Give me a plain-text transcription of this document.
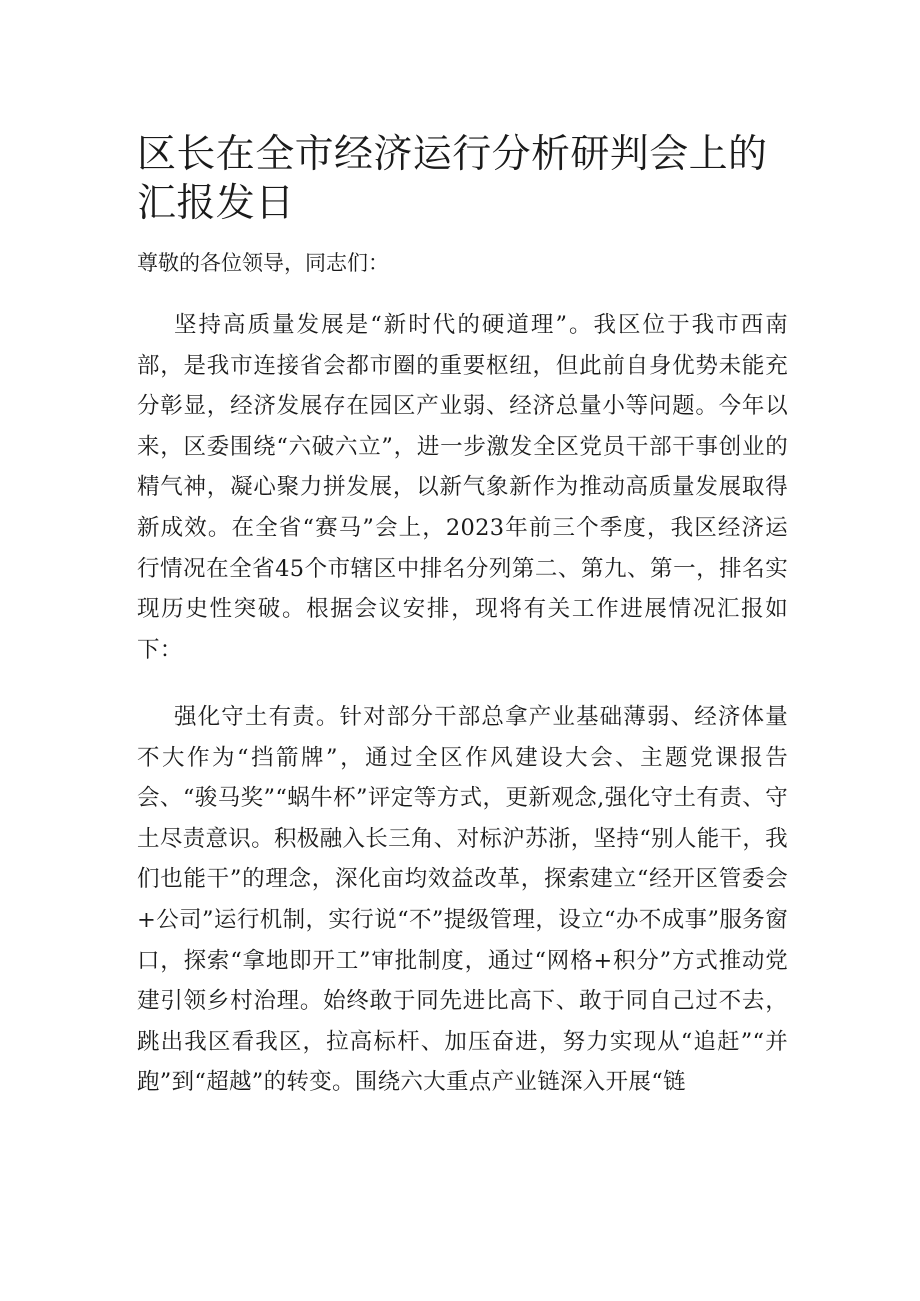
区长在全市经济运行分析研判会上的汇报发日

尊敬的各位领导，同志们：

坚持高质量发展是“新时代的硬道理”。我区位于我市西南部，是我市连接省会都市圈的重要枢纽，但此前自身优势未能充分彰显，经济发展存在园区产业弱、经济总量小等问题。今年以来，区委围绕“六破六立”，进一步激发全区党员干部干事创业的精气神，凝心聚力拼发展，以新气象新作为推动高质量发展取得新成效。在全省“赛马”会上，2023年前三个季度，我区经济运行情况在全省45个市辖区中排名分列第二、第九、第一，排名实现历史性突破。根据会议安排，现将有关工作进展情况汇报如下：

强化守土有责。针对部分干部总拿产业基础薄弱、经济体量不大作为“挡箭牌”，通过全区作风建设大会、主题党课报告会、“骏马奖”“蜗牛杯”评定等方式，更新观念,强化守土有责、守土尽责意识。积极融入长三角、对标沪苏浙，坚持“别人能干，我们也能干”的理念，深化亩均效益改革，探索建立“经开区管委会+公司”运行机制，实行说“不”提级管理，设立“办不成事”服务窗口，探索“拿地即开工”审批制度，通过“网格+积分”方式推动党建引领乡村治理。始终敢于同先进比高下、敢于同自己过不去，跳出我区看我区，拉高标杆、加压奋进，努力实现从“追赶”“并跑”到“超越”的转变。围绕六大重点产业链深入开展“链
